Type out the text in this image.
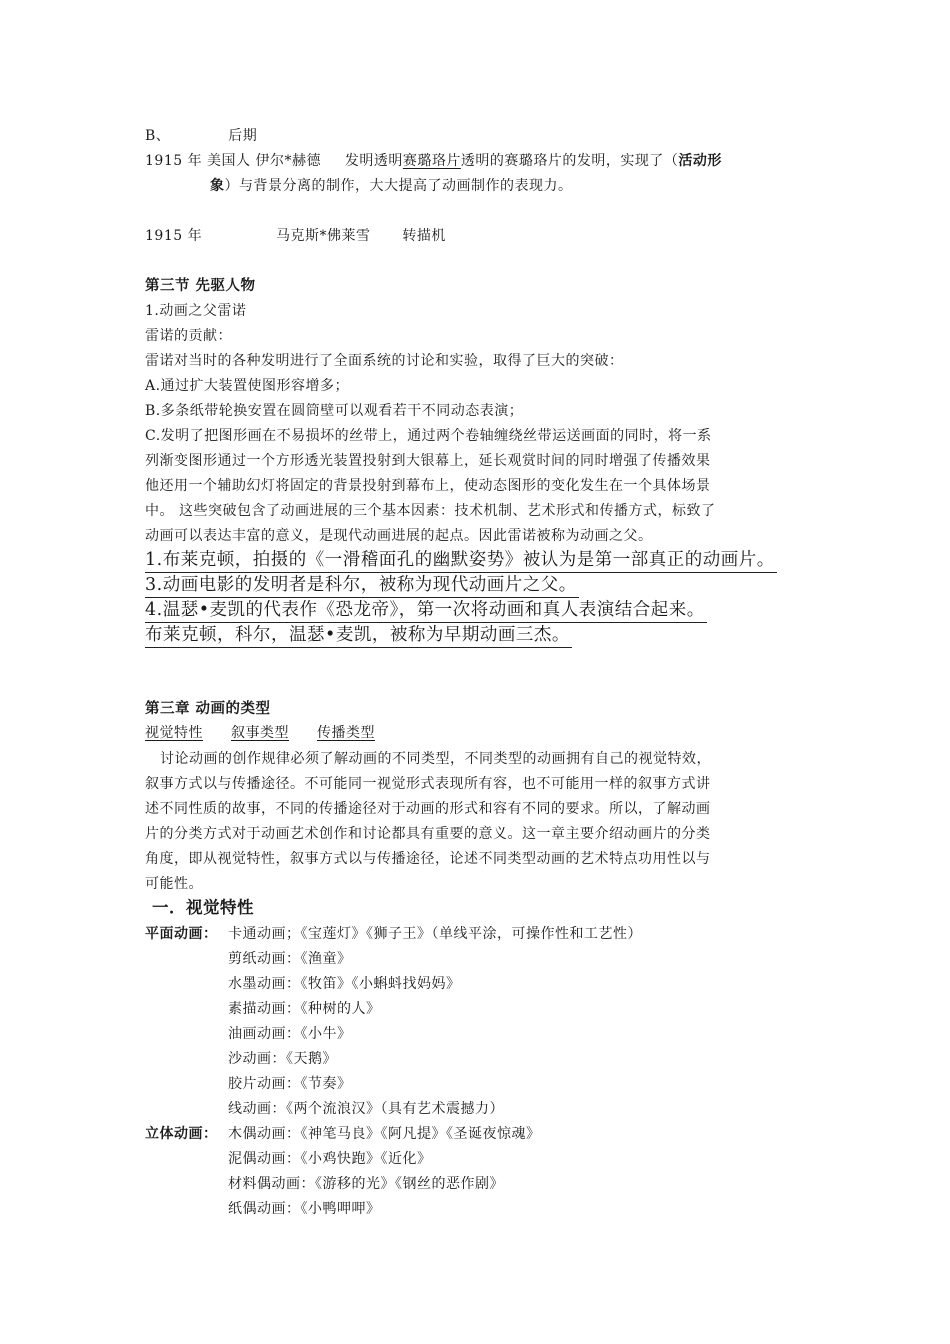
B、	后期
1915 年 美国人 伊尔*赫德 发明透明赛璐珞片透明的赛璐珞片的发明，实现了（活动形
象）与背景分离的制作，大大提高了动画制作的表现力。
1915 年	马克斯*佛莱雪 转描机
第三节 先驱人物
1.动画之父雷诺
雷诺的贡献：
雷诺对当时的各种发明进行了全面系统的讨论和实验，取得了巨大的突破：
A.通过扩大装置使图形容增多；
B.多条纸带轮换安置在圆筒壁可以观看若干不同动态表演；
C.发明了把图形画在不易损坏的丝带上，通过两个卷轴缠绕丝带运送画面的同时，将一系
列渐变图形通过一个方形透光装置投射到大银幕上，延长观赏时间的同时增强了传播效果
他还用一个辅助幻灯将固定的背景投射到幕布上，使动态图形的变化发生在一个具体场景
中。 这些突破包含了动画进展的三个基本因素：技术机制、艺术形式和传播方式，标致了
动画可以表达丰富的意义，是现代动画进展的起点。因此雷诺被称为动画之父。
1.布莱克顿，拍摄的《一滑稽面孔的幽默姿势》被认为是第一部真正的动画片。
3.动画电影的发明者是科尔，被称为现代动画片之父。
4.温瑟•麦凯的代表作《恐龙帝》，第一次将动画和真人表演结合起来。
布莱克顿，科尔，温瑟•麦凯，被称为早期动画三杰。
第三章 动画的类型
视觉特性 叙事类型 传播类型
讨论动画的创作规律必须了解动画的不同类型，不同类型的动画拥有自己的视觉特效，
叙事方式以与传播途径。不可能同一视觉形式表现所有容，也不可能用一样的叙事方式讲
述不同性质的故事，不同的传播途径对于动画的形式和容有不同的要求。所以，了解动画
片的分类方式对于动画艺术创作和讨论都具有重要的意义。这一章主要介绍动画片的分类
角度，即从视觉特性，叙事方式以与传播途径，论述不同类型动画的艺术特点功用性以与
可能性。
一．视觉特性
平面动画： 卡通动画；《宝莲灯》《狮子王》（单线平涂，可操作性和工艺性）
剪纸动画：《渔童》
水墨动画：《牧笛》《小蝌蚪找妈妈》
素描动画：《种树的人》
油画动画：《小牛》
沙动画：《天鹅》
胶片动画：《节奏》
线动画：《两个流浪汉》（具有艺术震撼力）
立体动画： 木偶动画：《神笔马良》《阿凡提》《圣诞夜惊魂》
泥偶动画：《小鸡快跑》《近化》
材料偶动画：《游移的光》《钢丝的恶作剧》
纸偶动画：《小鸭呷呷》
